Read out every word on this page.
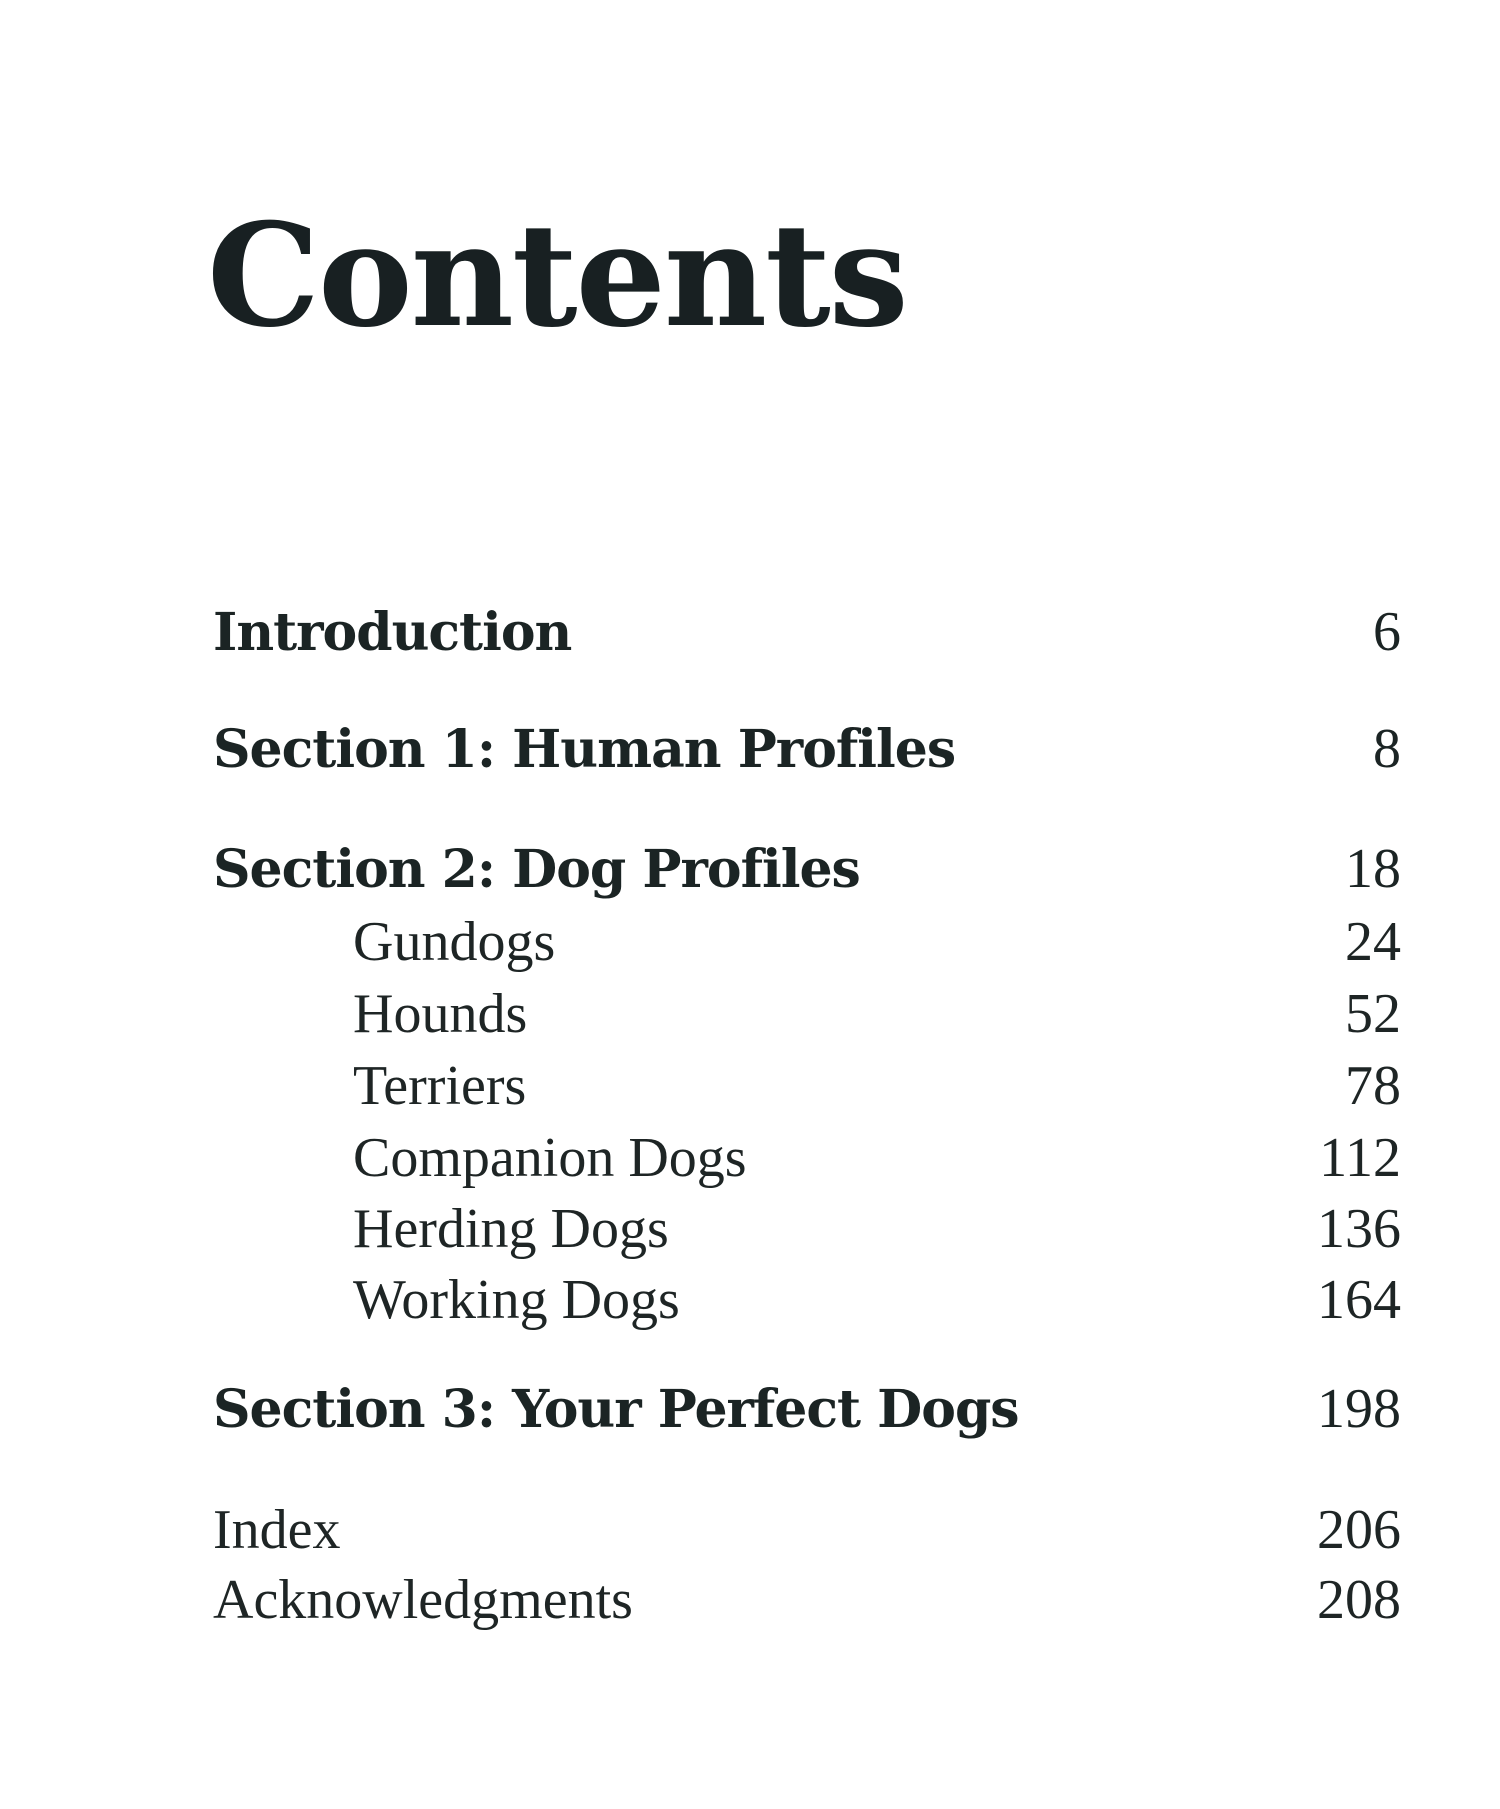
Contents
Introduction	6
Section 1: Human Profiles	8
Section 2: Dog Profiles	18
Gundogs	24
Hounds	52
Terriers	78
Companion Dogs	112
Herding Dogs	136
Working Dogs	164
Section 3: Your Perfect Dogs	198
Index	206
Acknowledgments	208
